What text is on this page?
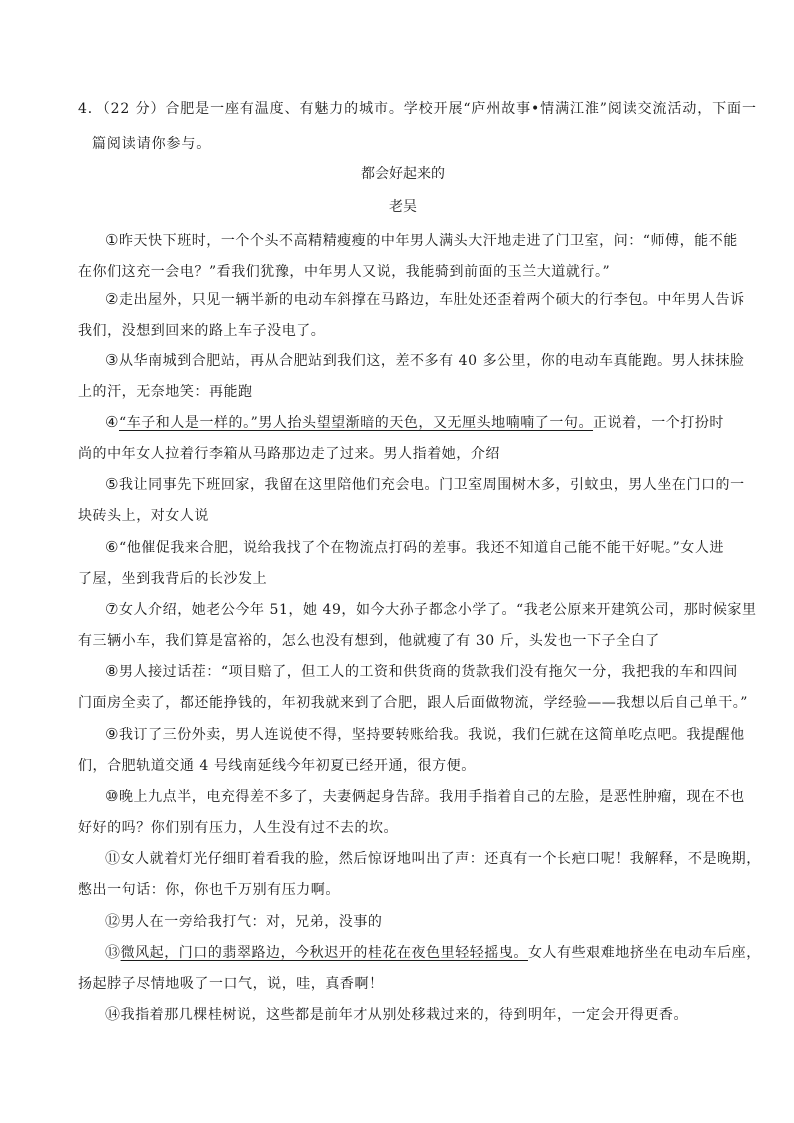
4．（22 分）合肥是一座有温度、有魅力的城市。学校开展“庐州故事•情满江淮”阅读交流活动，下面一
篇阅读请你参与。
都会好起来的
老吴
①昨天快下班时，一个个头不高精精瘦瘦的中年男人满头大汗地走进了门卫室，问：“师傅，能不能
在你们这充一会电？”看我们犹豫，中年男人又说，我能骑到前面的玉兰大道就行。”
②走出屋外，只见一辆半新的电动车斜撑在马路边，车肚处还歪着两个硕大的行李包。中年男人告诉
我们，没想到回来的路上车子没电了。
③从华南城到合肥站，再从合肥站到我们这，差不多有 40 多公里，你的电动车真能跑。男人抹抹脸
上的汗，无奈地笑：再能跑
④“车子和人是一样的。”男人抬头望望渐暗的天色，又无厘头地喃喃了一句。正说着，一个打扮时
尚的中年女人拉着行李箱从马路那边走了过来。男人指着她，介绍
⑤我让同事先下班回家，我留在这里陪他们充会电。门卫室周围树木多，引蚊虫，男人坐在门口的一
块砖头上，对女人说
⑥“他催促我来合肥，说给我找了个在物流点打码的差事。我还不知道自己能不能干好呢。”女人进
了屋，坐到我背后的长沙发上
⑦女人介绍，她老公今年 51，她 49，如今大孙子都念小学了。“我老公原来开建筑公司，那时候家里
有三辆小车，我们算是富裕的，怎么也没有想到，他就瘦了有 30 斤，头发也一下子全白了
⑧男人接过话茬：“项目赔了，但工人的工资和供货商的货款我们没有拖欠一分，我把我的车和四间
门面房全卖了，都还能挣钱的，年初我就来到了合肥，跟人后面做物流，学经验——我想以后自己单干。”
⑨我订了三份外卖，男人连说使不得，坚持要转账给我。我说，我们仨就在这简单吃点吧。我提醒他
们，合肥轨道交通 4 号线南延线今年初夏已经开通，很方便。
⑩晚上九点半，电充得差不多了，夫妻俩起身告辞。我用手指着自己的左脸，是恶性肿瘤，现在不也
好好的吗？你们别有压力，人生没有过不去的坎。
⑪女人就着灯光仔细盯着看我的脸，然后惊讶地叫出了声：还真有一个长疤口呢！我解释，不是晚期，
憋出一句话：你，你也千万别有压力啊。
⑫男人在一旁给我打气：对，兄弟，没事的
⑬微风起，门口的翡翠路边，今秋迟开的桂花在夜色里轻轻摇曳。女人有些艰难地挤坐在电动车后座，
扬起脖子尽情地吸了一口气，说，哇，真香啊！
⑭我指着那几棵桂树说，这些都是前年才从别处移栽过来的，待到明年，一定会开得更香。
